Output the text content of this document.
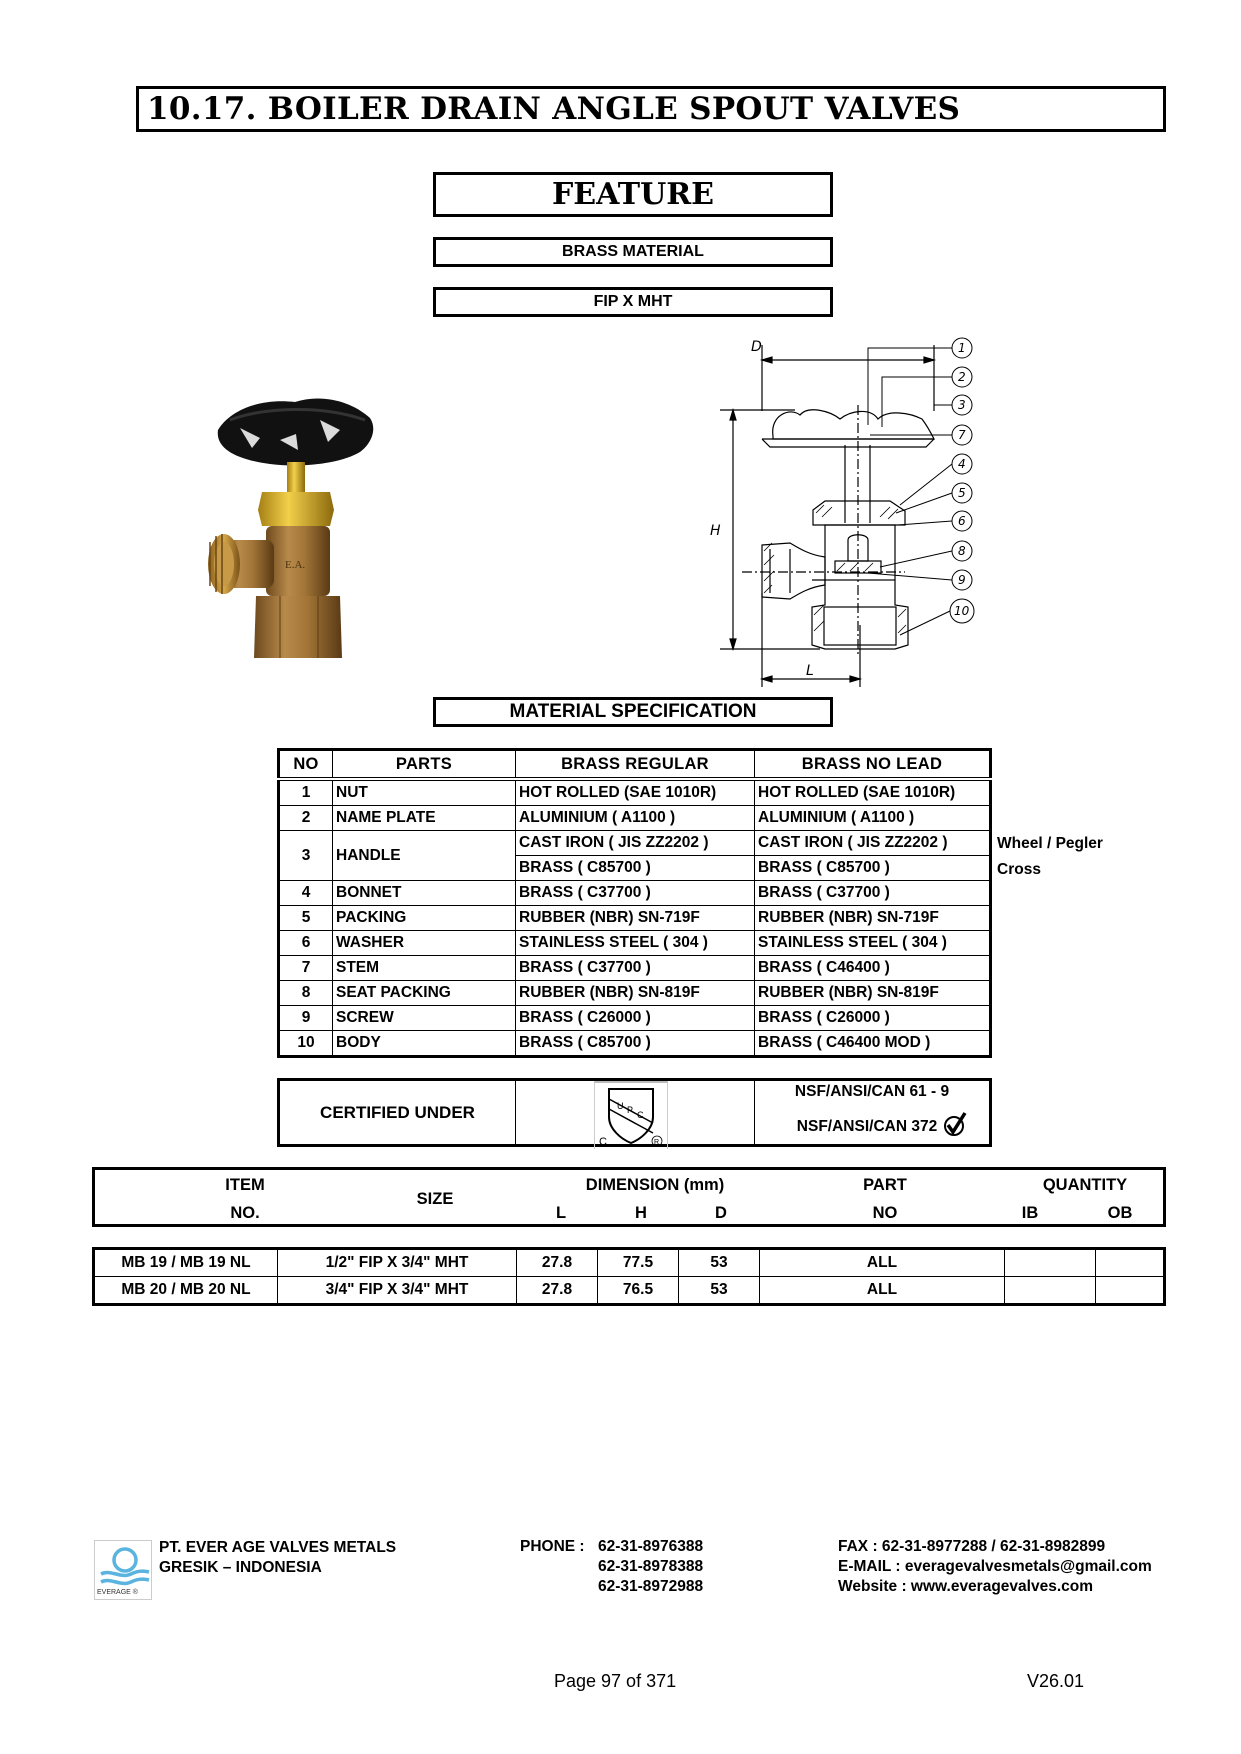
10.17. BOILER DRAIN ANGLE SPOUT VALVES
FEATURE
BRASS MATERIAL
FIP X MHT
E.A.
D
H
L
1
2
3
7
4
5
6
8
9
10
MATERIAL SPECIFICATION
NO	PARTS	BRASS REGULAR	BRASS NO LEAD
1	NUT	HOT ROLLED (SAE 1010R)	HOT ROLLED (SAE 1010R)
2	NAME PLATE	ALUMINIUM ( A1100 )	ALUMINIUM ( A1100 )
3	HANDLE	CAST IRON ( JIS ZZ2202 )	CAST IRON ( JIS ZZ2202 )
		BRASS ( C85700 )	BRASS ( C85700 )
4	BONNET	BRASS ( C37700 )	BRASS ( C37700 )
5	PACKING	RUBBER (NBR) SN-719F	RUBBER (NBR) SN-719F
6	WASHER	STAINLESS STEEL ( 304 )	STAINLESS STEEL ( 304 )
7	STEM	BRASS ( C37700 )	BRASS ( C46400 )
8	SEAT PACKING	RUBBER (NBR) SN-819F	RUBBER (NBR) SN-819F
9	SCREW	BRASS ( C26000 )	BRASS ( C26000 )
10	BODY	BRASS ( C85700 )	BRASS ( C46400 MOD )
Wheel / Pegler
Cross
CERTIFIED UNDER	U P C
C	R
NSF/ANSI/CAN 61 - 9
NSF/ANSI/CAN 372
ITEM
NO.
SIZE
DIMENSION (mm)
L	H	D
PART
NO
QUANTITY
IB	OB
MB 19 / MB 19 NL	1/2" FIP X 3/4" MHT	27.8	77.5	53	ALL		
MB 20 / MB 20 NL	3/4" FIP X 3/4" MHT	27.8	76.5	53	ALL		
EVERAGE ®
PT. EVER AGE VALVES METALS
GRESIK – INDONESIA
PHONE : 62-31-8976388
62-31-8978388
62-31-8972988
FAX : 62-31-8977288 / 62-31-8982899
E-MAIL : everagevalvesmetals@gmail.com
Website : www.everagevalves.com
Page 97 of 371	V26.01
